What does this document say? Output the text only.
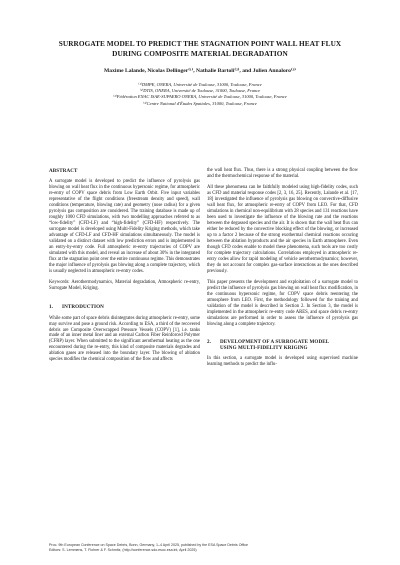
SURROGATE MODEL TO PREDICT THE STAGNATION POINT WALL HEAT FLUX
DURING COMPOSITE MATERIAL DEGRADATION
Maxime Lalande, Nicolas Dellinger⁽¹⁾, Nathalie Bartoli⁽²⁾, and Julien Annaloro⁽³⁾
⁽¹⁾DMPE, ONERA, Université de Toulouse, 31000, Toulouse, France
⁽²⁾DTIS, ONERA, Université de Toulouse, 31000, Toulouse, France
⁽²⁾Fédération ENAC ISAE-SUPAERO ONERA, Université de Toulouse, 31000, Toulouse, France
⁽³⁾Centre National d'Études Spatiales, 31000, Toulouse, France
ABSTRACT

A surrogate model is developed to predict the influence of pyrolysis gas blowing on wall heat flux in the continuous hypersonic regime, for atmospheric re-entry of COPV space debris from Low Earth Orbit. Five input variables representative of the flight conditions (freestream density and speed), wall conditions (temperature, blowing rate) and geometry (nose radius) for a given pyrolysis gas composition are considered. The training database is made up of roughly 1000 CFD simulations, with two modelling approaches referred to as “low-fidelity” (CFD-LF) and “high-fidelity” (CFD-HF) respectively. The surrogate model is developed using Multi-Fidelity Kriging methods, which take advantage of CFD-LF and CFD-HF simulations simultaneously. The model is validated on a distinct dataset with low prediction errors and is implemented in an entry-by-entry code. Full atmospheric re-entry trajectories of COPV are simulated with this model, and reveal an increase of about 30% in the integrated flux at the stagnation point over the entire continuous regime. This demonstrates the major influence of pyrolysis gas blowing along a complete trajectory, which is usually neglected in atmospheric re-entry codes.

Keywords: Aerothermodynamics, Material degradation, Atmospheric re-entry, Surrogate Model, Kriging.

1. INTRODUCTION

While some part of space debris disintegrates during atmospheric re-entry, some may survive and pose a ground risk. According to ESA, a third of the recovered debris are Composite Overwrapped Pressure Vessels (COPV) [1], i.e. tanks made of an inner metal liner and an external Carbon Fiber Reinforced Polymer (CFRP) layer. When submitted to the significant aerothermal heating as the one encountered during the re-entry, this kind of composite materials degrades and ablation gases are released into the boundary layer. The blowing of ablation species modifies the chemical composition of the flow and affects

the wall heat flux. Thus, there is a strong physical coupling between the flow and the thermochemical response of the material.

All these phenomena can be faithfully modeled using high-fidelity codes, such as CFD and material response codes [2, 3, 16, 25]. Recently, Lalande et al. [17, 18] investigated the influence of pyrolysis gas blowing on convective-diffusive wall heat flux, for atmospheric re-entry of COPV from LEO. For that, CFD simulations in chemical non-equilibrium with 28 species and 131 reactions have been used to investigate the influence of the blowing rate and the reactions between the degassed species and the air. It is shown that the wall heat flux can either be reduced by the convective blocking effect of the blowing, or increased up to a factor 2 because of the strong exothermal chemical reactions occuring between the ablation byproducts and the air species in Earth atmosphere. Even though CFD codes enable to model these phenomena, such tools are too costly for complete trajectory calculations. Correlations employed in atmospheric re-entry codes allow for rapid modeling of vehicle aerothermodynamics; however, they do not account for complex gas-surface interactions as the ones described previously.

This paper presents the development and exploitation of a surrogate model to predict the influence of pyrolysis gas blowing on wall heat flux modification, in the continuous hypersonic regime, for COPV space debris reentering the atmosphere from LEO. First, the methodology followed for the training and validation of the model is described in Section 2. In Section 3, the model is implemented in the atmospheric re-entry code ARES, and space debris re-entry simulations are performed in order to assess the influence of pyrolysis gas blowing along a complete trajectory.

2. DEVELOPMENT OF A SURROGATE MODEL
USING MULTI-FIDELITY KRIGING

In this section, a surrogate model is developed using supervised machine learning methods to predict the influ-

Proc. 9th European Conference on Space Debris, Bonn, Germany, 1–4 April 2025, published by the ESA Space Debris Office
Editors: S. Lemmens, T. Flohrer & F. Schmitz, (http://conference.sdo.esoc.esa.int, April 2025)
